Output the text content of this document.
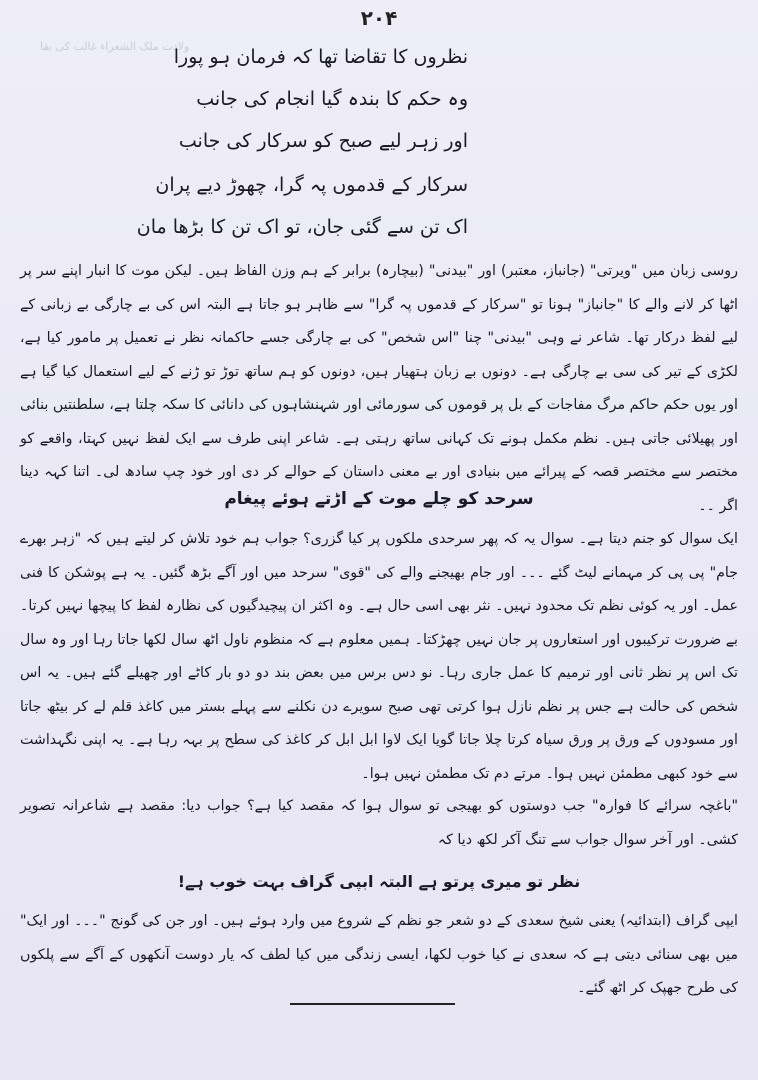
ولادت ملک الشعراء غالب کی بقا
۲۰۴
نظروں کا تقاضا تھا کہ فرمان ہو پورا
وہ حکم کا بندہ گیا انجام کی جانب
اور زہر لیے صبح کو سرکار کی جانب
سرکار کے قدموں پہ گرا، چھوڑ دیے پران
اک تن سے گئی جان، تو اک تن کا بڑھا مان
روسی زبان میں "ویرتی" (جانباز، معتبر) اور "بیدنی" (بیچارہ) برابر کے ہم وزن الفاظ ہیں۔ لیکن موت کا انبار اپنے سر پر اٹھا کر لانے والے کا "جانباز" ہونا تو "سرکار کے قدموں پہ گرا" سے ظاہر ہو جاتا ہے البتہ اس کی بے چارگی بے زبانی کے لیے لفظ درکار تھا۔ شاعر نے وہی "بیدنی" چنا "اس شخص" کی بے چارگی جسے حاکمانہ نظر نے تعمیل پر مامور کیا ہے، لکڑی کے تیر کی سی بے چارگی ہے۔ دونوں بے زبان ہتھیار ہیں، دونوں کو ہم ساتھ توڑ تو ڑنے کے لیے استعمال کیا گیا ہے اور یوں حکم حاکم مرگ مفاجات کے بل پر قوموں کی سورمائی اور شہنشاہوں کی دانائی کا سکہ چلتا ہے، سلطنتیں بنائی اور پھیلائی جاتی ہیں۔ نظم مکمل ہونے تک کہانی ساتھ رہتی ہے۔ شاعر اپنی طرف سے ایک لفظ نہیں کہتا، واقعے کو مختصر سے مختصر قصہ کے پیرائے میں بنیادی اور بے معنی داستان کے حوالے کر دی اور خود چپ سادھ لی۔ اتنا کہہ دینا اگر ۔۔
سرحد کو چلے موت کے اڑتے ہوئے پیغام
ایک سوال کو جنم دیتا ہے۔ سوال یہ کہ پھر سرحدی ملکوں پر کیا گزری؟ جواب ہم خود تلاش کر لیتے ہیں کہ "زہر بھرے جام" پی پی کر مہمانے لیٹ گئے ۔۔۔ اور جام بھیجنے والے کی "قوی" سرحد میں اور آگے بڑھ گئیں۔ یہ ہے پوشکن کا فنی عمل۔ اور یہ کوئی نظم تک محدود نہیں۔ نثر بھی اسی حال ہے۔ وہ اکثر ان پیچیدگیوں کی نظارہ لفظ کا پیچھا نہیں کرتا۔ بے ضرورت ترکیبوں اور استعاروں پر جان نہیں چھڑکتا۔ ہمیں معلوم ہے کہ منظوم ناول اٹھ سال لکھا جاتا رہا اور وہ سال تک اس پر نظر ثانی اور ترمیم کا عمل جاری رہا۔ نو دس برس میں بعض بند دو دو بار کاٹے اور چھیلے گئے ہیں۔ یہ اس شخص کی حالت ہے جس پر نظم نازل ہوا کرتی تھی صبح سویرے دن نکلنے سے پہلے بستر میں کاغذ قلم لے کر بیٹھ جاتا اور مسودوں کے ورق پر ورق سیاہ کرتا چلا جاتا گویا ایک لاوا ابل ابل کر کاغذ کی سطح پر بہہ رہا ہے۔ یہ اپنی نگہداشت سے خود کبھی مطمئن نہیں ہوا۔ مرتے دم تک مطمئن نہیں ہوا۔
"باغچہ سرائے کا فوارہ" جب دوستوں کو بھیجی تو سوال ہوا کہ مقصد کیا ہے؟ جواب دیا: مقصد ہے شاعرانہ تصویر کشی۔ اور آخر سوال جواب سے تنگ آکر لکھ دیا کہ
نظر تو میری پرتو ہے البتہ ابپی گراف بہت خوب ہے!
ایپی گراف (ابتدائیہ) یعنی شیخ سعدی کے دو شعر جو نظم کے شروع میں وارد ہوئے ہیں۔ اور جن کی گونج "۔۔۔ اور ایک" میں بھی سنائی دیتی ہے کہ سعدی نے کیا خوب لکھا، ایسی زندگی میں کیا لطف کہ یار دوست آنکھوں کے آگے سے پلکوں کی طرح جھپک کر اٹھ گئے۔
